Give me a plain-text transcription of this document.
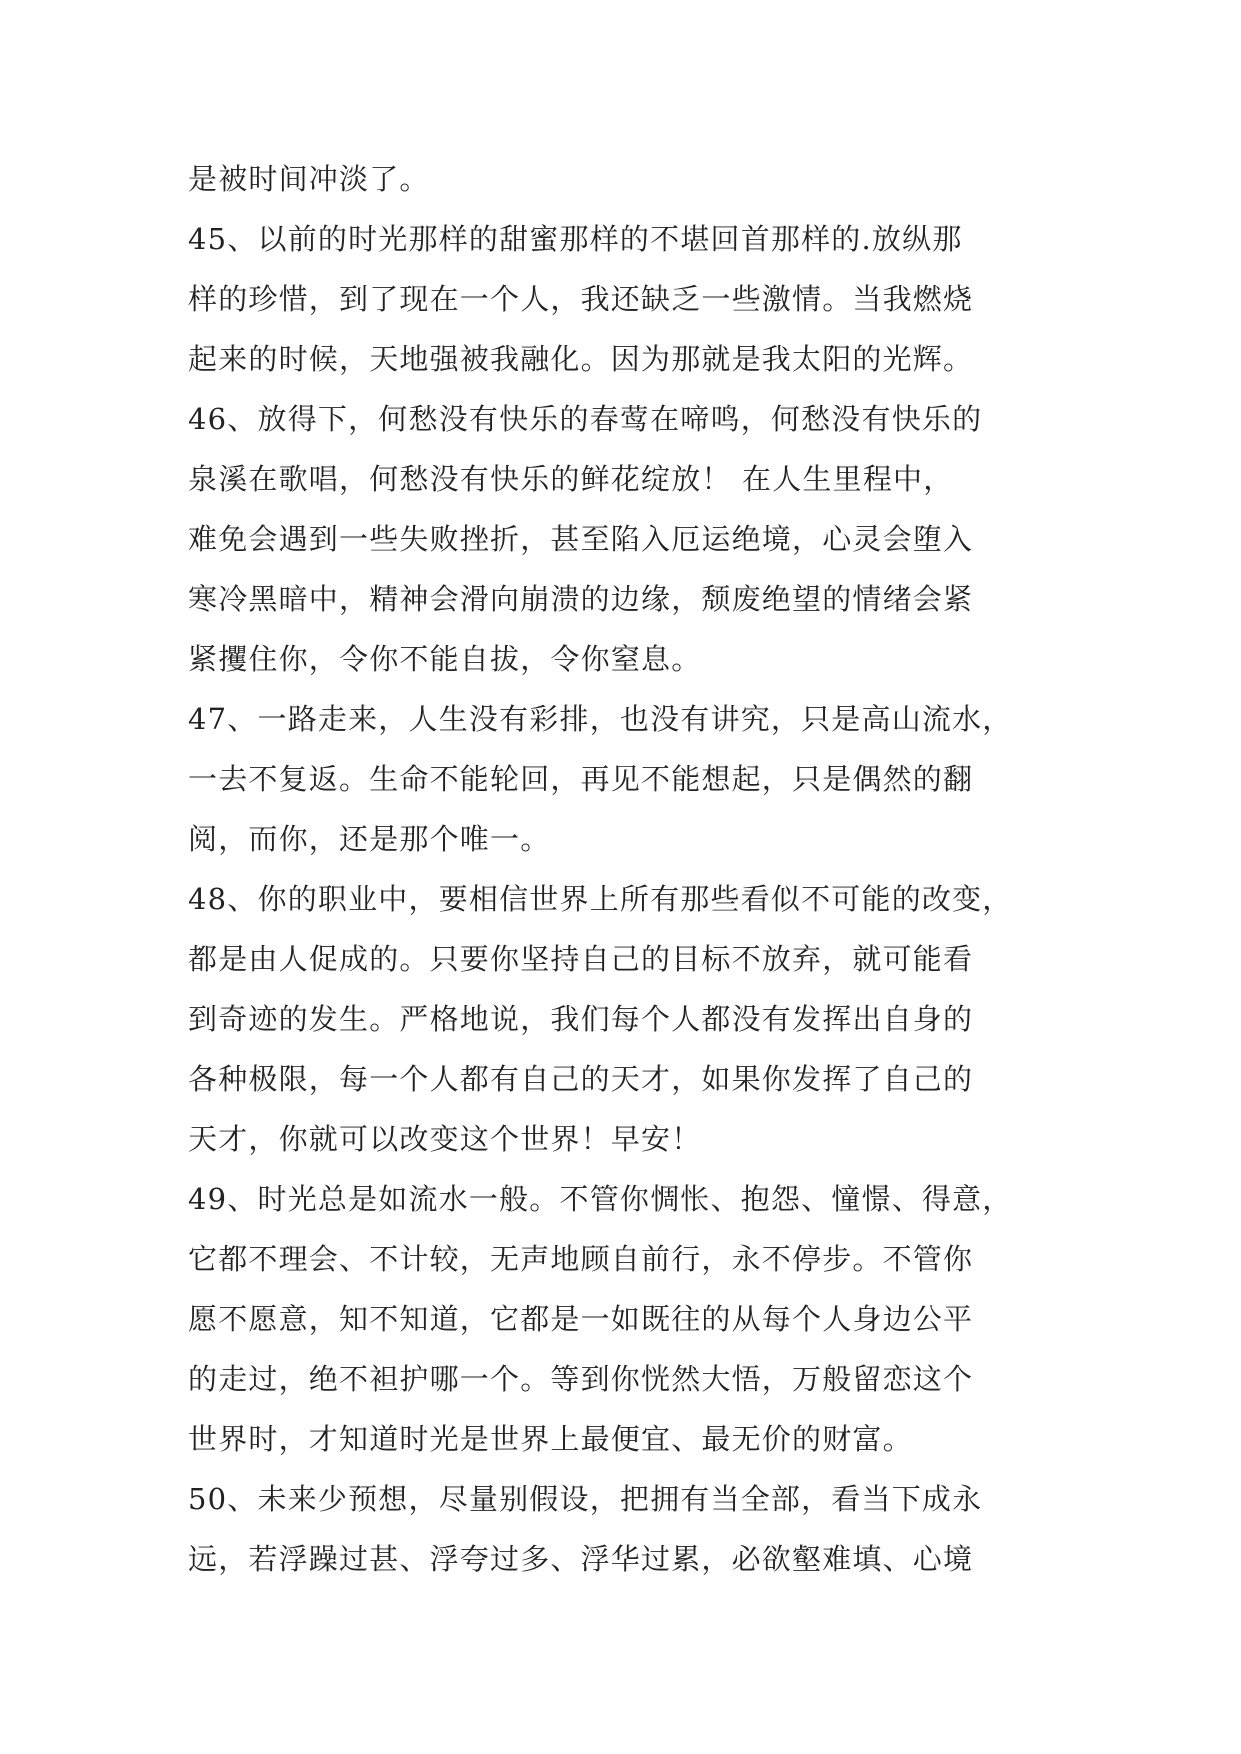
是被时间冲淡了。
45、以前的时光那样的甜蜜那样的不堪回首那样的.放纵那
样的珍惜，到了现在一个人，我还缺乏一些激情。当我燃烧
起来的时候，天地强被我融化。因为那就是我太阳的光辉。
46、放得下，何愁没有快乐的春莺在啼鸣，何愁没有快乐的
泉溪在歌唱，何愁没有快乐的鲜花绽放！ 在人生里程中，
难免会遇到一些失败挫折，甚至陷入厄运绝境，心灵会堕入
寒冷黑暗中，精神会滑向崩溃的边缘，颓废绝望的情绪会紧
紧攫住你，令你不能自拔，令你窒息。
47、一路走来，人生没有彩排，也没有讲究，只是高山流水，
一去不复返。生命不能轮回，再见不能想起，只是偶然的翻
阅，而你，还是那个唯一。
48、你的职业中，要相信世界上所有那些看似不可能的改变，
都是由人促成的。只要你坚持自己的目标不放弃，就可能看
到奇迹的发生。严格地说，我们每个人都没有发挥出自身的
各种极限，每一个人都有自己的天才，如果你发挥了自己的
天才，你就可以改变这个世界！早安！
49、时光总是如流水一般。不管你惆怅、抱怨、憧憬、得意，
它都不理会、不计较，无声地顾自前行，永不停步。不管你
愿不愿意，知不知道，它都是一如既往的从每个人身边公平
的走过，绝不袒护哪一个。等到你恍然大悟，万般留恋这个
世界时，才知道时光是世界上最便宜、最无价的财富。
50、未来少预想，尽量别假设，把拥有当全部，看当下成永
远，若浮躁过甚、浮夸过多、浮华过累，必欲壑难填、心境
